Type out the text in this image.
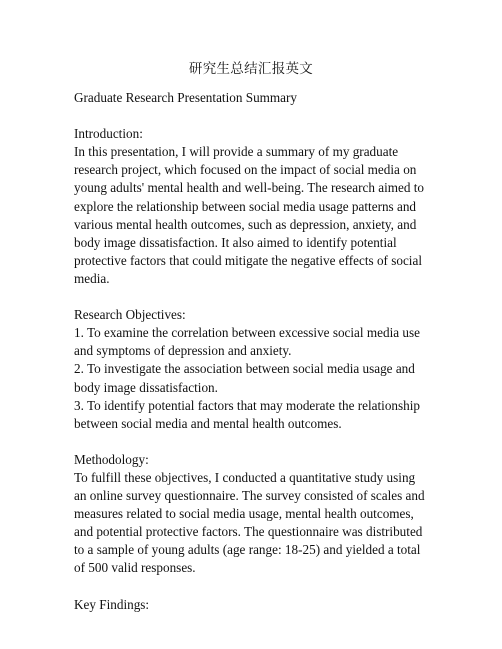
研究生总结汇报英文

Graduate Research Presentation Summary

Introduction:

In this presentation, I will provide a summary of my graduate research project, which focused on the impact of social media on young adults' mental health and well-being. The research aimed to explore the relationship between social media usage patterns and various mental health outcomes, such as depression, anxiety, and body image dissatisfaction. It also aimed to identify potential protective factors that could mitigate the negative effects of social media.

Research Objectives:

1. To examine the correlation between excessive social media use and symptoms of depression and anxiety.

2. To investigate the association between social media usage and body image dissatisfaction.

3. To identify potential factors that may moderate the relationship between social media and mental health outcomes.

Methodology:

To fulfill these objectives, I conducted a quantitative study using an online survey questionnaire. The survey consisted of scales and measures related to social media usage, mental health outcomes, and potential protective factors. The questionnaire was distributed to a sample of young adults (age range: 18-25) and yielded a total of 500 valid responses.

Key Findings:
